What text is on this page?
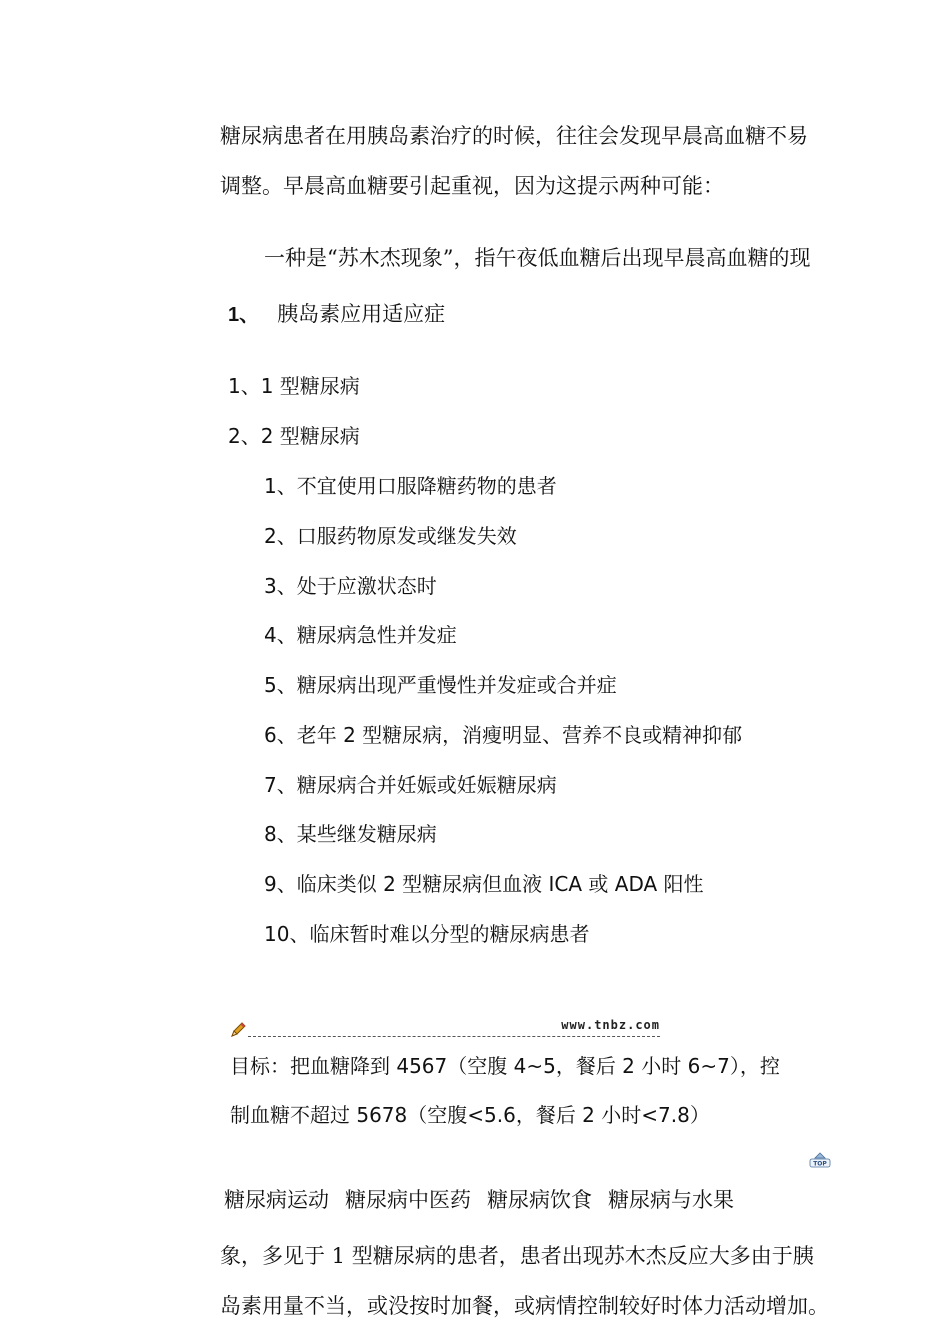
糖尿病患者在用胰岛素治疗的时候，往往会发现早晨高血糖不易
调整。早晨高血糖要引起重视，因为这提示两种可能：
一种是“苏木杰现象”，指午夜低血糖后出现早晨高血糖的现
1、 胰岛素应用适应症
1、1 型糖尿病
2、2 型糖尿病
1、不宜使用口服降糖药物的患者
2、口服药物原发或继发失效
3、处于应激状态时
4、糖尿病急性并发症
5、糖尿病出现严重慢性并发症或合并症
6、老年 2 型糖尿病，消瘦明显、营养不良或精神抑郁
7、糖尿病合并妊娠或妊娠糖尿病
8、某些继发糖尿病
9、临床类似 2 型糖尿病但血液 ICA 或 ADA 阳性
10、临床暂时难以分型的糖尿病患者
www.tnbz.com
目标：把血糖降到 4567（空腹 4~5，餐后 2 小时 6~7），控
制血糖不超过 5678（空腹<5.6，餐后 2 小时<7.8）
TOP
糖尿病运动 糖尿病中医药 糖尿病饮食 糖尿病与水果
象，多见于 1 型糖尿病的患者，患者出现苏木杰反应大多由于胰
岛素用量不当，或没按时加餐，或病情控制较好时体力活动增加。
